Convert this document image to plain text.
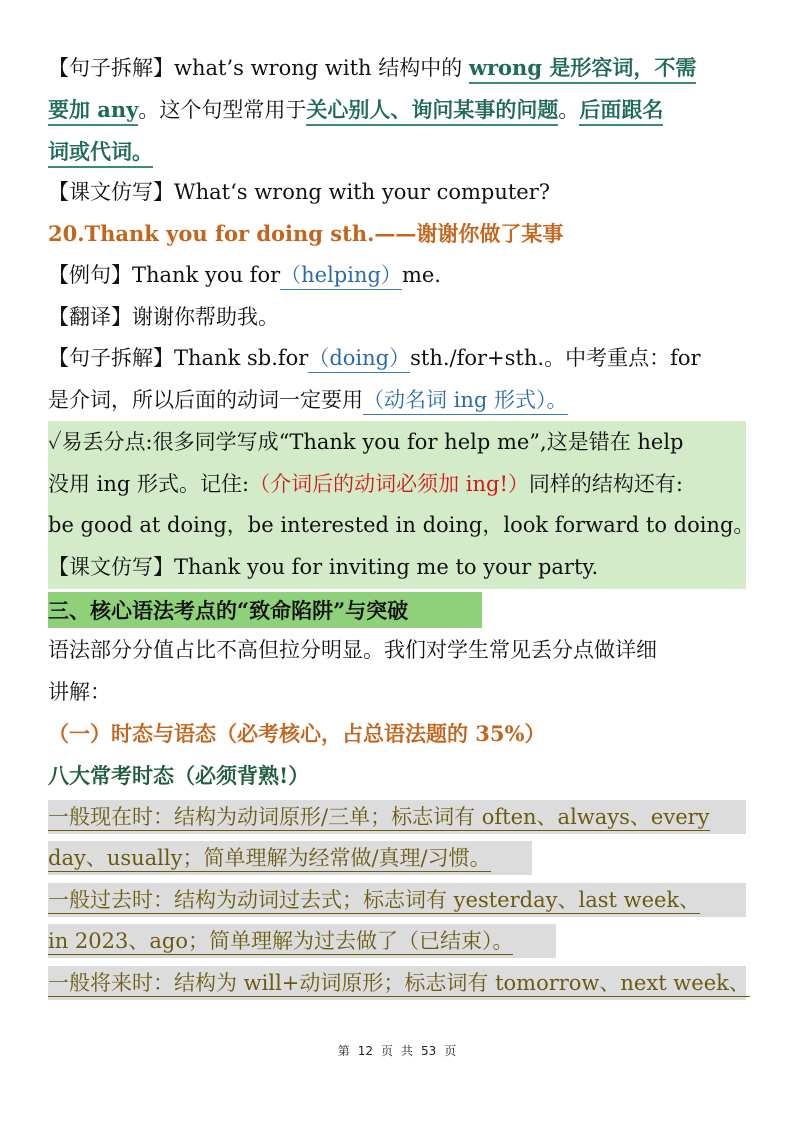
【句子拆解】what’s wrong with 结构中的 wrong 是形容词，不需
要加 any。这个句型常用于关心别人、询问某事的问题。后面跟名
词或代词。
【课文仿写】What‘s wrong with your computer?
20.Thank you for doing sth.——谢谢你做了某事
【例句】Thank you for（helping）me.
【翻译】谢谢你帮助我。
【句子拆解】Thank sb.for（doing）sth./for+sth.。中考重点：for
是介词，所以后面的动词一定要用（动名词 ing 形式）。
✓易丢分点:很多同学写成“Thank you for help me”,这是错在 help
没用 ing 形式。记住:（介词后的动词必须加 ing!）同样的结构还有:
be good at doing，be interested in doing，look forward to doing。
【课文仿写】Thank you for inviting me to your party.
三、核心语法考点的“致命陷阱”与突破
语法部分分值占比不高但拉分明显。我们对学生常见丢分点做详细
讲解：
（一）时态与语态（必考核心，占总语法题的 35%）
八大常考时态（必须背熟!）
一般现在时：结构为动词原形/三单；标志词有 often、always、every
day、usually；简单理解为经常做/真理/习惯。
一般过去时：结构为动词过去式；标志词有 yesterday、last week、
in 2023、ago；简单理解为过去做了（已结束）。
一般将来时：结构为 will+动词原形；标志词有 tomorrow、next week、
第 12 页 共 53 页
